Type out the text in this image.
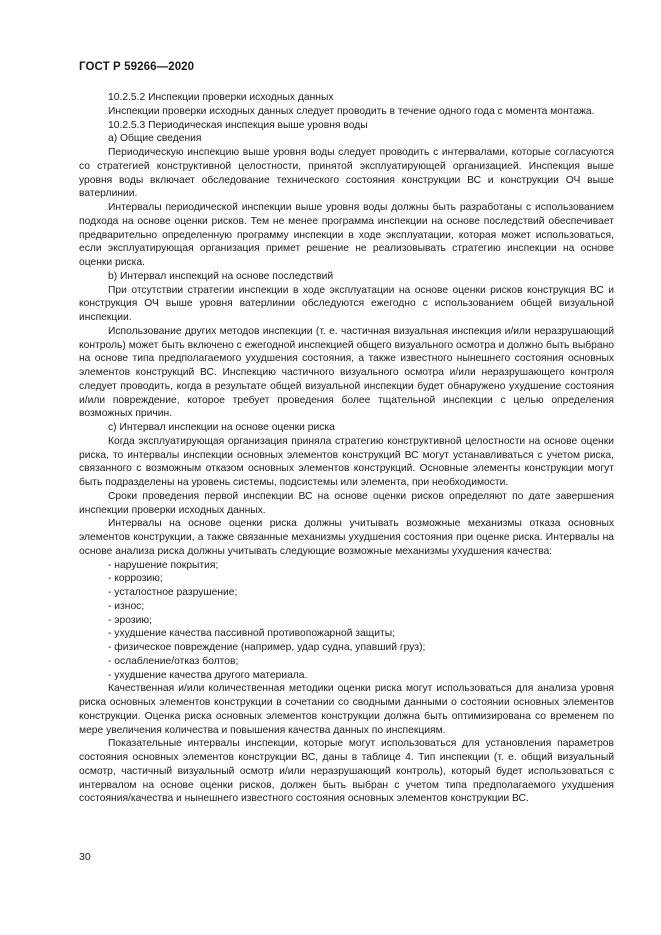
ГОСТ Р 59266—2020

10.2.5.2 Инспекции проверки исходных данных

Инспекции проверки исходных данных следует проводить в течение одного года с момента монтажа.

10.2.5.3 Периодическая инспекция выше уровня воды

а) Общие сведения

Периодическую инспекцию выше уровня воды следует проводить с интервалами, которые согласуются со стратегией конструктивной целостности, принятой эксплуатирующей организацией. Инспекция выше уровня воды включает обследование технического состояния конструкции ВС и конструкции ОЧ выше ватерлинии.

Интервалы периодической инспекции выше уровня воды должны быть разработаны с использованием подхода на основе оценки рисков. Тем не менее программа инспекции на основе последствий обеспечивает предварительно определенную программу инспекции в ходе эксплуатации, которая может использоваться, если эксплуатирующая организация примет решение не реализовывать стратегию инспекции на основе оценки риска.

b) Интервал инспекций на основе последствий

При отсутствии стратегии инспекции в ходе эксплуатации на основе оценки рисков конструкция ВС и конструкция ОЧ выше уровня ватерлинии обследуются ежегодно с использованием общей визуальной инспекции.

Использование других методов инспекции (т. е. частичная визуальная инспекция и/или неразрушающий контроль) может быть включено с ежегодной инспекцией общего визуального осмотра и должно быть выбрано на основе типа предполагаемого ухудшения состояния, а также известного нынешнего состояния основных элементов конструкций ВС. Инспекцию частичного визуального осмотра и/или неразрушающего контроля следует проводить, когда в результате общей визуальной инспекции будет обнаружено ухудшение состояния и/или повреждение, которое требует проведения более тщательной инспекции с целью определения возможных причин.

c) Интервал инспекции на основе оценки риска

Когда эксплуатирующая организация приняла стратегию конструктивной целостности на основе оценки риска, то интервалы инспекции основных элементов конструкций ВС могут устанавливаться с учетом риска, связанного с возможным отказом основных элементов конструкций. Основные элементы конструкции могут быть подразделены на уровень системы, подсистемы или элемента, при необходимости.

Сроки проведения первой инспекции ВС на основе оценки рисков определяют по дате завершения инспекции проверки исходных данных.

Интервалы на основе оценки риска должны учитывать возможные механизмы отказа основных элементов конструкции, а также связанные механизмы ухудшения состояния при оценке риска. Интервалы на основе анализа риска должны учитывать следующие возможные механизмы ухудшения качества:

- нарушение покрытия;
- коррозию;
- усталостное разрушение;
- износ;
- эрозию;
- ухудшение качества пассивной противопожарной защиты;
- физическое повреждение (например, удар судна, упавший груз);
- ослабление/отказ болтов;
- ухудшение качества другого материала.

Качественная и/или количественная методики оценки риска могут использоваться для анализа уровня риска основных элементов конструкции в сочетании со сводными данными о состоянии основных элементов конструкции. Оценка риска основных элементов конструкции должна быть оптимизирована со временем по мере увеличения количества и повышения качества данных по инспекциям.

Показательные интервалы инспекции, которые могут использоваться для установления параметров состояния основных элементов конструкции ВС, даны в таблице 4. Тип инспекции (т. е. общий визуальный осмотр, частичный визуальный осмотр и/или неразрушающий контроль), который будет использоваться с интервалом на основе оценки рисков, должен быть выбран с учетом типа предполагаемого ухудшения состояния/качества и нынешнего известного состояния основных элементов конструкции ВС.

30
